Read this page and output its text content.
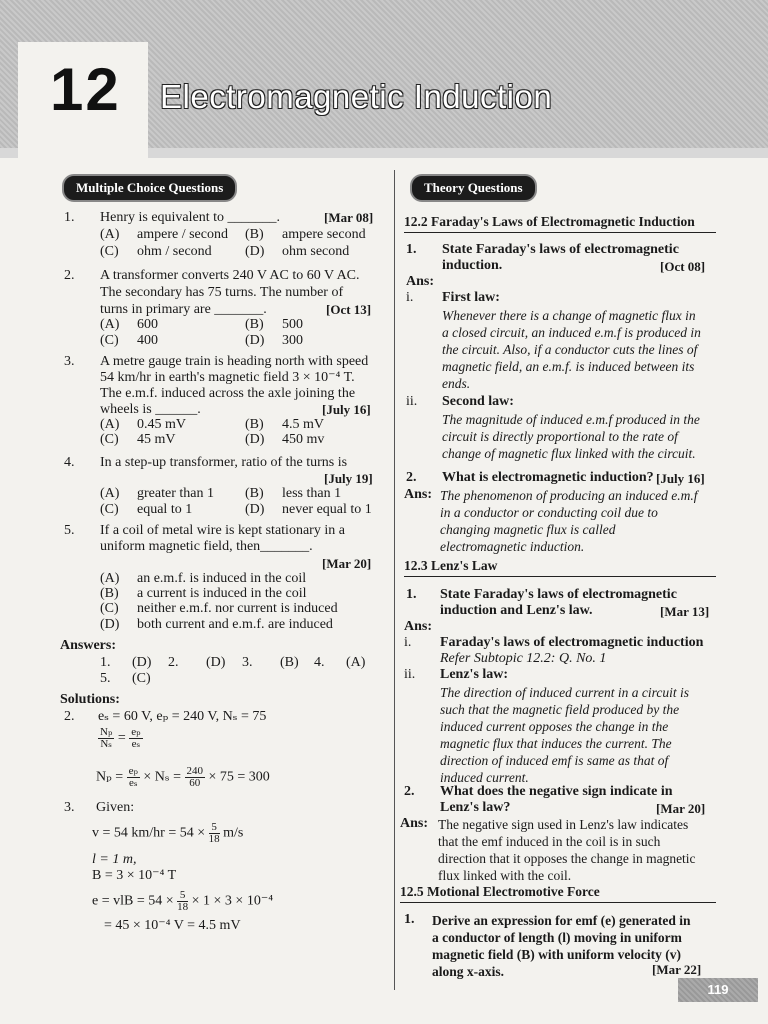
12 Electromagnetic Induction
Multiple Choice Questions
1. Henry is equivalent to _______.	[Mar 08]
(A) ampere / second (B) ampere second
(C) ohm / second (D) ohm second
2. A transformer converts 240 V AC to 60 V AC.
The secondary has 75 turns. The number of
turns in primary are _______.	[Oct 13]
(A) 600	(B) 500
(C) 400	(D) 300
3. A metre gauge train is heading north with speed
54 km/hr in earth's magnetic field 3 × 10⁻⁴ T.
The e.m.f. induced across the axle joining the
wheels is ______.	[July 16]
(A) 0.45 mV	(B) 4.5 mV
(C) 45 mV	(D) 450 mv
4. In a step-up transformer, ratio of the turns is
[July 19]
(A) greater than 1 (B) less than 1
(C) equal to 1	(D) never equal to 1
5. If a coil of metal wire is kept stationary in a
uniform magnetic field, then_______.
[Mar 20]
(A) an e.m.f. is induced in the coil
(B) a current is induced in the coil
(C) neither e.m.f. nor current is induced
(D) both current and e.m.f. are induced
Answers:
1. (D) 2. (D) 3. (B) 4. (A)
5. (C)
Solutions:
2. eₛ = 60 V, eₚ = 240 V, Nₛ = 75
$\frac{\text{Nₚ}}{\text{Nₛ}} = \frac{\text{eₚ}}{\text{eₛ}}$
$N_p = \frac{\text{eₚ}}{\text{eₛ}} \times N_s = \frac{240}{60} \times 75 = 300$
3. Given:
v = 54 $km/hr = 54 \times \frac{5}{18} m/s$
l = 1 m,
B = 3 × 10⁻⁴ T
e = vlB = $54 \times \frac{5}{18} \times 1 \times 3 \times 10^{-4}$
= 45 × 10⁻⁴ V = 4.5 mV
Theory Questions
12.2 Faraday's Laws of Electromagnetic Induction
1. State Faraday's laws of electromagnetic
induction.	[Oct 08]
Ans:
i. First law:
Whenever there is a change of magnetic flux in
a closed circuit, an induced e.m.f is produced in
the circuit. Also, if a conductor cuts the lines of
magnetic field, an e.m.f. is induced between its
ends.
ii. Second law:
The magnitude of induced e.m.f produced in the
circuit is directly proportional to the rate of
change of magnetic flux linked with the circuit.
2. What is electromagnetic induction? [July 16]
Ans: The phenomenon of producing an induced e.m.f
in a conductor or conducting coil due to
changing magnetic flux is called
electromagnetic induction.
12.3 Lenz's Law
1. State Faraday's laws of electromagnetic
induction and Lenz's law.	[Mar 13]
Ans:
i. Faraday's laws of electromagnetic induction
Refer Subtopic 12.2: Q. No. 1
ii. Lenz's law:
The direction of induced current in a circuit is
such that the magnetic field produced by the
induced current opposes the change in the
magnetic flux that induces the current. The
direction of induced emf is same as that of
induced current.
2. What does the negative sign indicate in
Lenz's law?	[Mar 20]
Ans: The negative sign used in Lenz's law indicates
that the emf induced in the coil is in such
direction that it opposes the change in magnetic
flux linked with the coil.
12.5 Motional Electromotive Force
1. Derive an expression for emf (e) generated in
a conductor of length (l) moving in uniform
magnetic field (B) with uniform velocity (v)
along x-axis.	[Mar 22]
119
